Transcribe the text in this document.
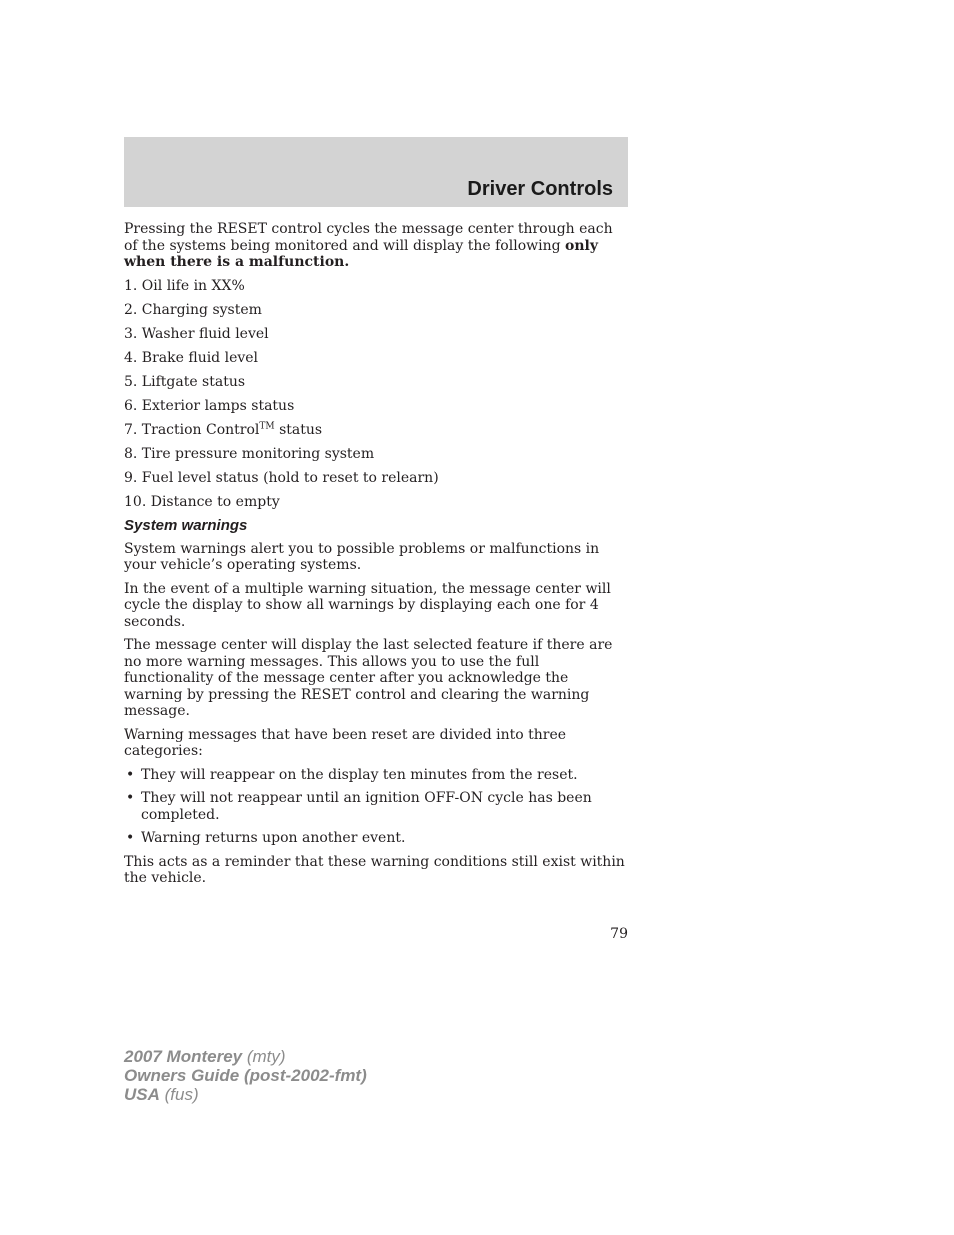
Driver Controls

Pressing the RESET control cycles the message center through each of the systems being monitored and will display the following only when there is a malfunction.

1. Oil life in XX%
2. Charging system
3. Washer fluid level
4. Brake fluid level
5. Liftgate status
6. Exterior lamps status
7. Traction Control™ status
8. Tire pressure monitoring system
9. Fuel level status (hold to reset to relearn)
10. Distance to empty
System warnings

System warnings alert you to possible problems or malfunctions in your vehicle’s operating systems.

In the event of a multiple warning situation, the message center will cycle the display to show all warnings by displaying each one for 4 seconds.

The message center will display the last selected feature if there are no more warning messages. This allows you to use the full functionality of the message center after you acknowledge the warning by pressing the RESET control and clearing the warning message.

Warning messages that have been reset are divided into three categories:

• They will reappear on the display ten minutes from the reset.
• They will not reappear until an ignition OFF-ON cycle has been completed.
• Warning returns upon another event.

This acts as a reminder that these warning conditions still exist within the vehicle.

79
2007 Monterey (mty)
Owners Guide (post-2002-fmt)
USA (fus)
